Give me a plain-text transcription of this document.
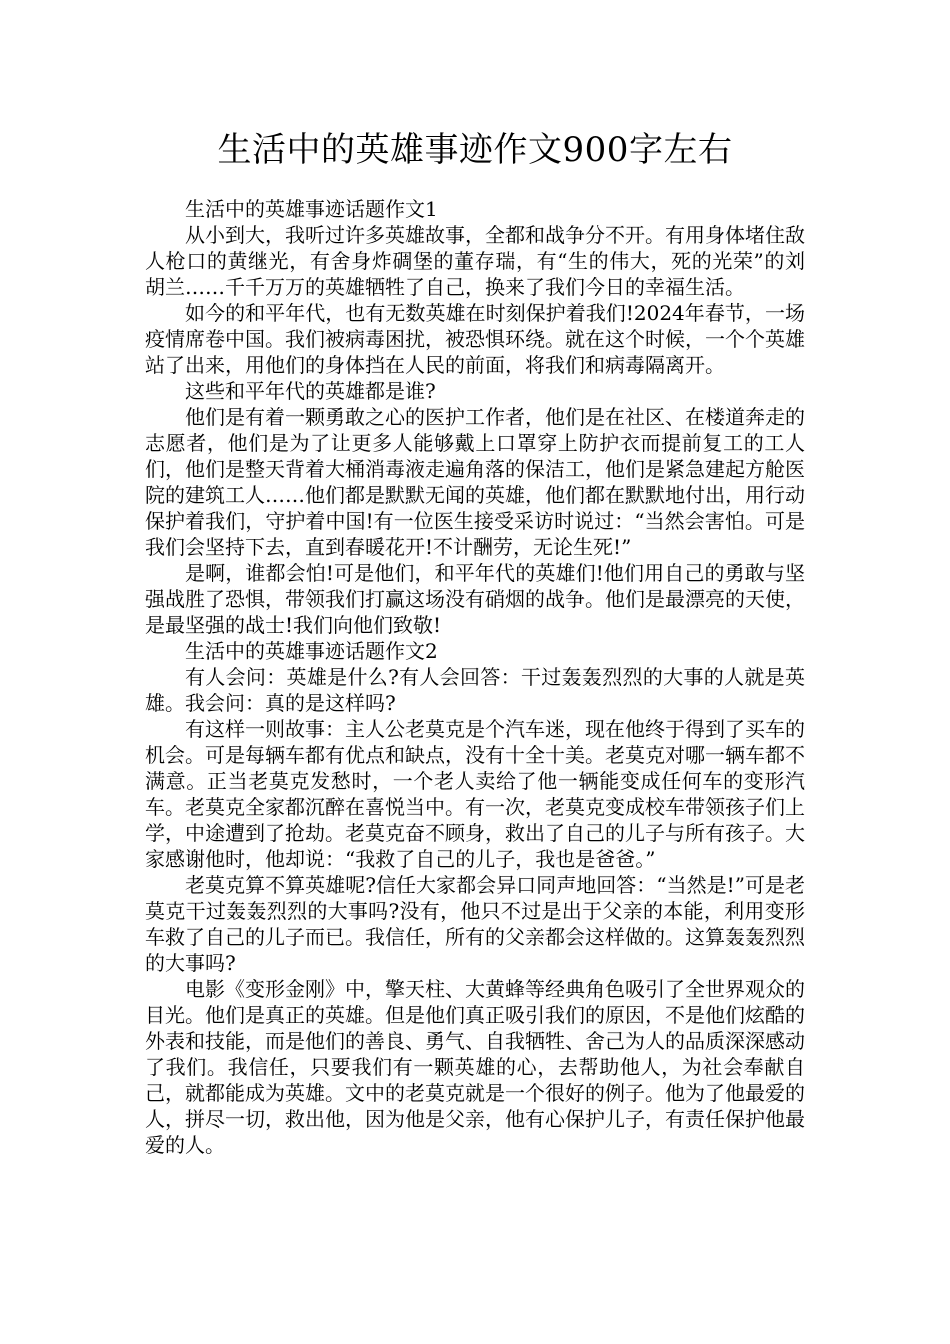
生活中的英雄事迹作文900字左右

生活中的英雄事迹话题作文1

从小到大，我听过许多英雄故事，全都和战争分不开。有用身体堵住敌人枪口的黄继光，有舍身炸碉堡的董存瑞，有“生的伟大，死的光荣”的刘胡兰……千千万万的英雄牺牲了自己，换来了我们今日的幸福生活。

如今的和平年代，也有无数英雄在时刻保护着我们!2024年春节，一场疫情席卷中国。我们被病毒困扰，被恐惧环绕。就在这个时候，一个个英雄站了出来，用他们的身体挡在人民的前面，将我们和病毒隔离开。

这些和平年代的英雄都是谁?

他们是有着一颗勇敢之心的医护工作者，他们是在社区、在楼道奔走的志愿者，他们是为了让更多人能够戴上口罩穿上防护衣而提前复工的工人们，他们是整天背着大桶消毒液走遍角落的保洁工，他们是紧急建起方舱医院的建筑工人……他们都是默默无闻的英雄，他们都在默默地付出，用行动保护着我们，守护着中国!有一位医生接受采访时说过：“当然会害怕。可是我们会坚持下去，直到春暖花开!不计酬劳，无论生死!”

是啊，谁都会怕!可是他们，和平年代的英雄们!他们用自己的勇敢与坚强战胜了恐惧，带领我们打赢这场没有硝烟的战争。他们是最漂亮的天使，是最坚强的战士!我们向他们致敬!

生活中的英雄事迹话题作文2

有人会问：英雄是什么?有人会回答：干过轰轰烈烈的大事的人就是英雄。我会问：真的是这样吗?

有这样一则故事：主人公老莫克是个汽车迷，现在他终于得到了买车的机会。可是每辆车都有优点和缺点，没有十全十美。老莫克对哪一辆车都不满意。正当老莫克发愁时，一个老人卖给了他一辆能变成任何车的变形汽车。老莫克全家都沉醉在喜悦当中。有一次，老莫克变成校车带领孩子们上学，中途遭到了抢劫。老莫克奋不顾身，救出了自己的儿子与所有孩子。大家感谢他时，他却说：“我救了自己的儿子，我也是爸爸。”

老莫克算不算英雄呢?信任大家都会异口同声地回答：“当然是!”可是老莫克干过轰轰烈烈的大事吗?没有，他只不过是出于父亲的本能，利用变形车救了自己的儿子而已。我信任，所有的父亲都会这样做的。这算轰轰烈烈的大事吗?

电影《变形金刚》中，擎天柱、大黄蜂等经典角色吸引了全世界观众的目光。他们是真正的英雄。但是他们真正吸引我们的原因，不是他们炫酷的外表和技能，而是他们的善良、勇气、自我牺牲、舍己为人的品质深深感动了我们。我信任，只要我们有一颗英雄的心，去帮助他人，为社会奉献自己，就都能成为英雄。文中的老莫克就是一个很好的例子。他为了他最爱的人，拼尽一切，救出他，因为他是父亲，他有心保护儿子，有责任保护他最爱的人。
